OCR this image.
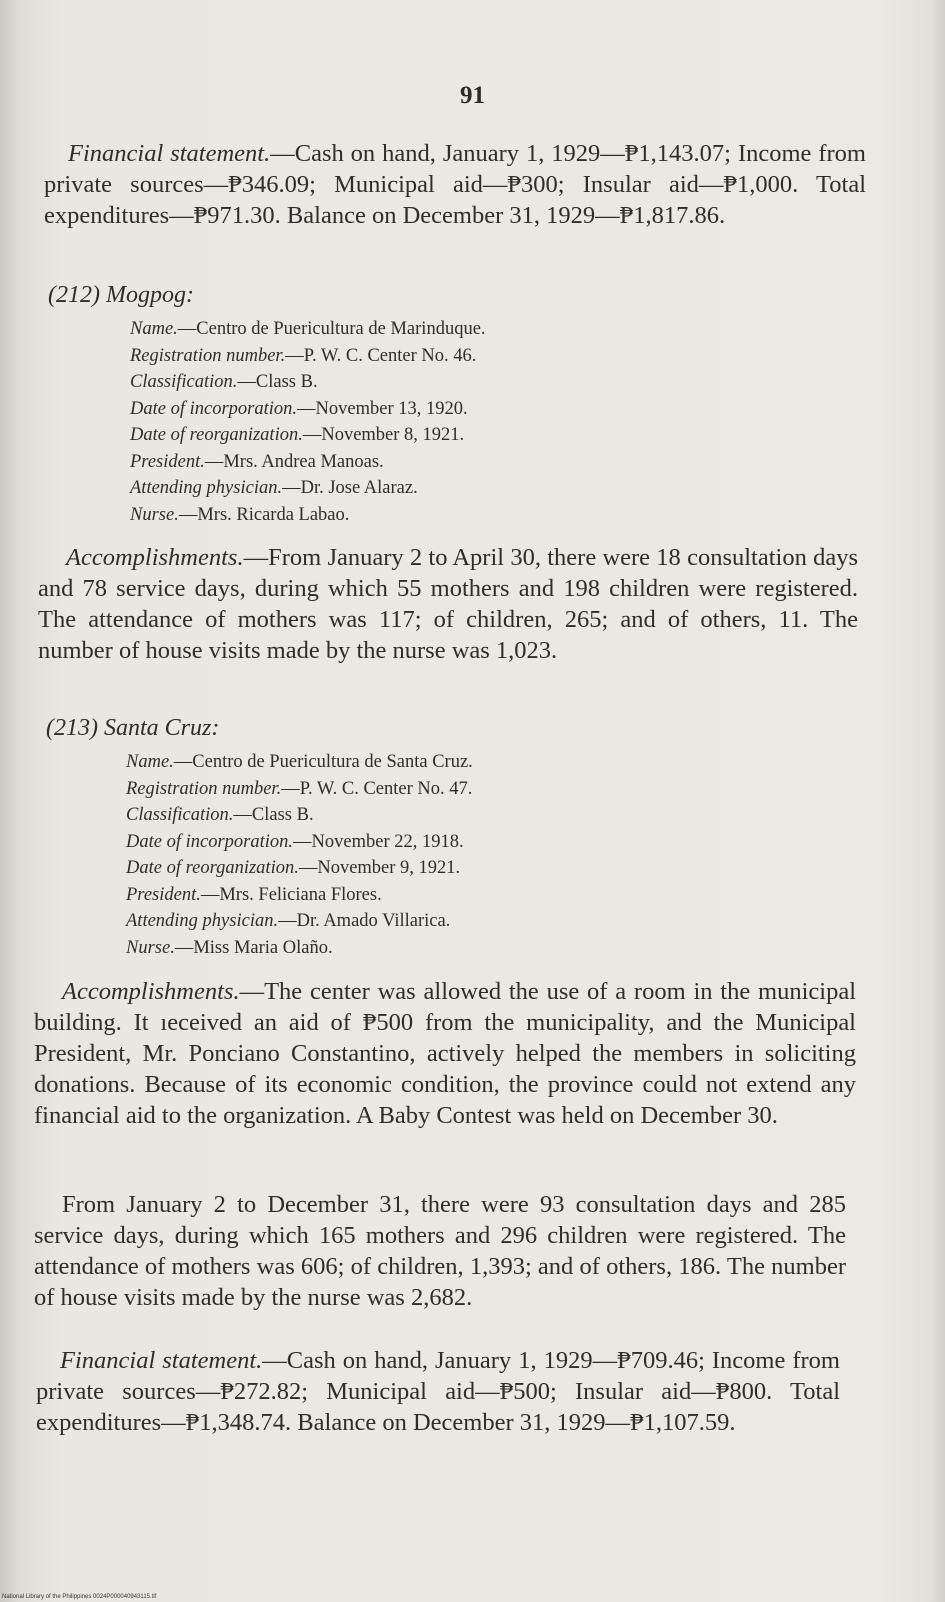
91

Financial statement.—Cash on hand, January 1, 1929—₱1,143.07; Income from private sources—₱346.09; Municipal aid—₱300; Insular aid—₱1,000. Total expenditures—₱971.30. Balance on December 31, 1929—₱1,817.86.

(212) Mogpog:
Name.—Centro de Puericultura de Marinduque.
Registration number.—P. W. C. Center No. 46.
Classification.—Class B.
Date of incorporation.—November 13, 1920.
Date of reorganization.—November 8, 1921.
President.—Mrs. Andrea Manoas.
Attending physician.—Dr. Jose Alaraz.
Nurse.—Mrs. Ricarda Labao.

Accomplishments.—From January 2 to April 30, there were 18 consultation days and 78 service days, during which 55 mothers and 198 children were registered. The attendance of mothers was 117; of children, 265; and of others, 11. The number of house visits made by the nurse was 1,023.

(213) Santa Cruz:
Name.—Centro de Puericultura de Santa Cruz.
Registration number.—P. W. C. Center No. 47.
Classification.—Class B.
Date of incorporation.—November 22, 1918.
Date of reorganization.—November 9, 1921.
President.—Mrs. Feliciana Flores.
Attending physician.—Dr. Amado Villarica.
Nurse.—Miss Maria Olaño.

Accomplishments.—The center was allowed the use of a room in the municipal building. It ıeceived an aid of ₱500 from the municipality, and the Municipal President, Mr. Ponciano Constantino, actively helped the members in soliciting donations. Because of its economic condition, the province could not extend any financial aid to the organization. A Baby Contest was held on December 30.

From January 2 to December 31, there were 93 consultation days and 285 service days, during which 165 mothers and 296 children were registered. The attendance of mothers was 606; of children, 1,393; and of others, 186. The number of house visits made by the nurse was 2,682.

Financial statement.—Cash on hand, January 1, 1929—₱709.46; Income from private sources—₱272.82; Municipal aid—₱500; Insular aid—₱800. Total expenditures—₱1,348.74. Balance on December 31, 1929—₱1,107.59.

National Library of the Philippines 0024P000040943115.tif
